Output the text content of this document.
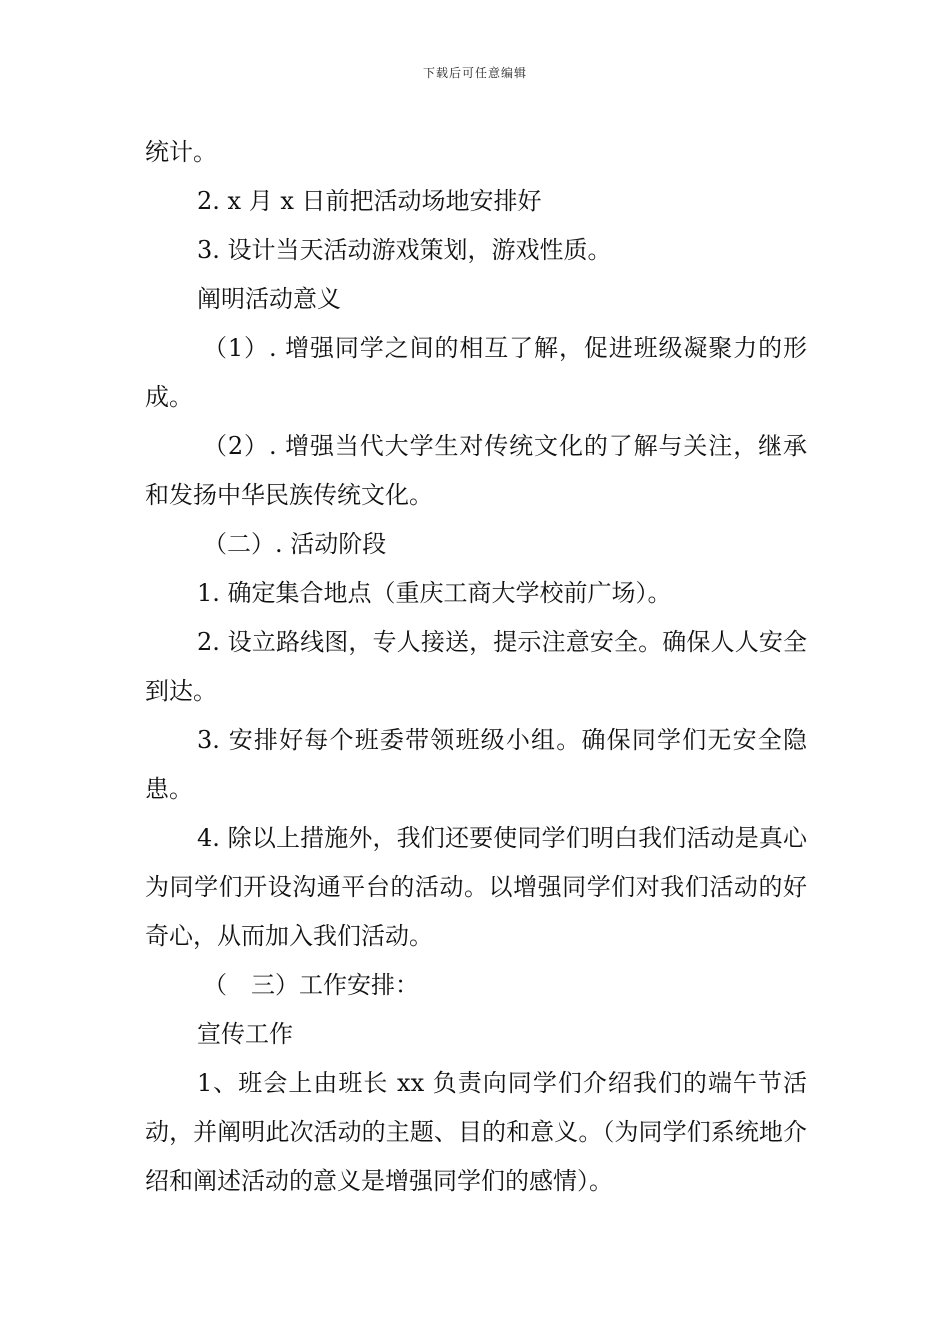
下载后可任意编辑

统计。

2. x 月 x 日前把活动场地安排好

3. 设计当天活动游戏策划，游戏性质。

阐明活动意义

（1）. 增强同学之间的相互了解，促进班级凝聚力的形成。

（2）. 增强当代大学生对传统文化的了解与关注，继承和发扬中华民族传统文化。

（二）. 活动阶段

1. 确定集合地点（重庆工商大学校前广场）。

2. 设立路线图，专人接送，提示注意安全。确保人人安全到达。

3. 安排好每个班委带领班级小组。确保同学们无安全隐患。

4. 除以上措施外，我们还要使同学们明白我们活动是真心为同学们开设沟通平台的活动。以增强同学们对我们活动的好奇心，从而加入我们活动。

（　三）工作安排：

宣传工作

1、班会上由班长 xx 负责向同学们介绍我们的端午节活动，并阐明此次活动的主题、目的和意义。（为同学们系统地介绍和阐述活动的意义是增强同学们的感情）。
